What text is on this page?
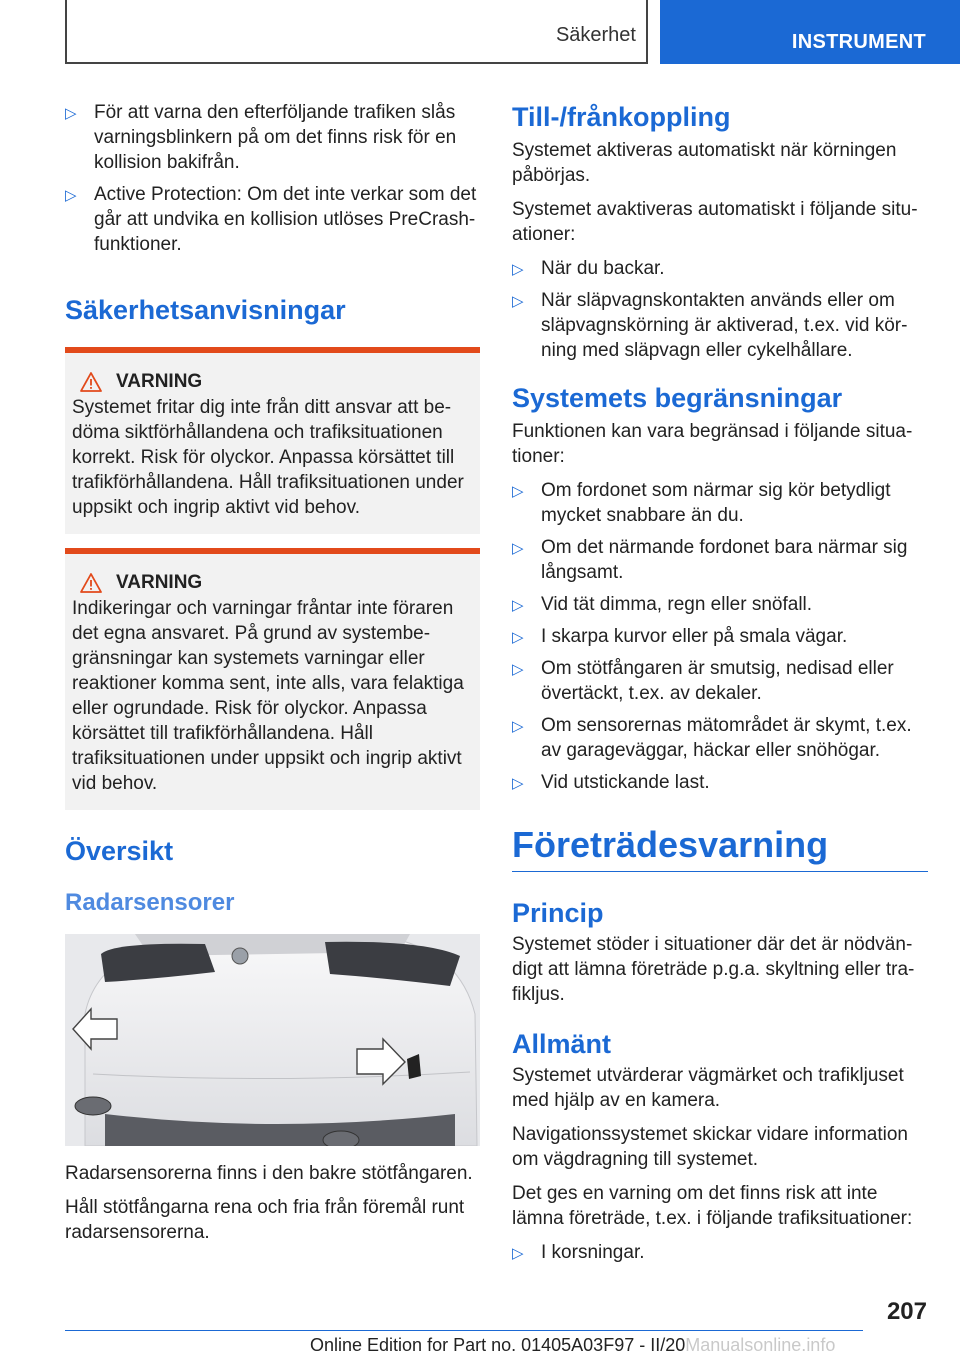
Säkerhet	INSTRUMENT
▷ För att varna den efterföljande trafiken slås varningsblinkern på om det finns risk för en kollision bakifrån.
▷ Active Protection: Om det inte verkar som det går att undvika en kollision utlöses PreCrash-funktioner.
Säkerhetsanvisningar
VARNING

Systemet fritar dig inte från ditt ansvar att bedöma siktförhållandena och trafiksituationen korrekt. Risk för olyckor. Anpassa körsättet till trafikförhållandena. Håll trafiksituationen under uppsikt och ingrip aktivt vid behov.

VARNING

Indikeringar och varningar fråntar inte föraren det egna ansvaret. På grund av systembegränsningar kan systemets varningar eller reaktioner komma sent, inte alls, vara felaktiga eller ogrundade. Risk för olyckor. Anpassa körsättet till trafikförhållandena. Håll trafiksituationen under uppsikt och ingrip aktivt vid behov.

Översikt
Radarsensorer

Radarsensorerna finns i den bakre stötfångaren.

Håll stötfångarna rena och fria från föremål runt radarsensorerna.

Till-/frånkoppling

Systemet aktiveras automatiskt när körningen påbörjas.

Systemet avaktiveras automatiskt i följande situationer:

▷ När du backar.
▷ När släpvagnskontakten används eller om släpvagnskörning är aktiverad, t.ex. vid körning med släpvagn eller cykelhållare.
Systemets begränsningar

Funktionen kan vara begränsad i följande situationer:

▷ Om fordonet som närmar sig kör betydligt mycket snabbare än du.
▷ Om det närmande fordonet bara närmar sig långsamt.
▷ Vid tät dimma, regn eller snöfall.
▷ I skarpa kurvor eller på smala vägar.
▷ Om stötfångaren är smutsig, nedisad eller övertäckt, t.ex. av dekaler.
▷ Om sensorernas mätområdet är skymt, t.ex. av garageväggar, häckar eller snöhögar.
▷ Vid utstickande last.
Företrädesvarning
Princip

Systemet stöder i situationer där det är nödvändigt att lämna företräde p.g.a. skyltning eller trafikljus.

Allmänt

Systemet utvärderar vägmärket och trafikljuset med hjälp av en kamera.

Navigationssystemet skickar vidare information om vägdragning till systemet.

Det ges en varning om det finns risk att inte lämna företräde, t.ex. i följande trafiksituationer:

▷ I korsningar.
207
Online Edition for Part no. 01405A03F97 - II/20Manualsonline.info
